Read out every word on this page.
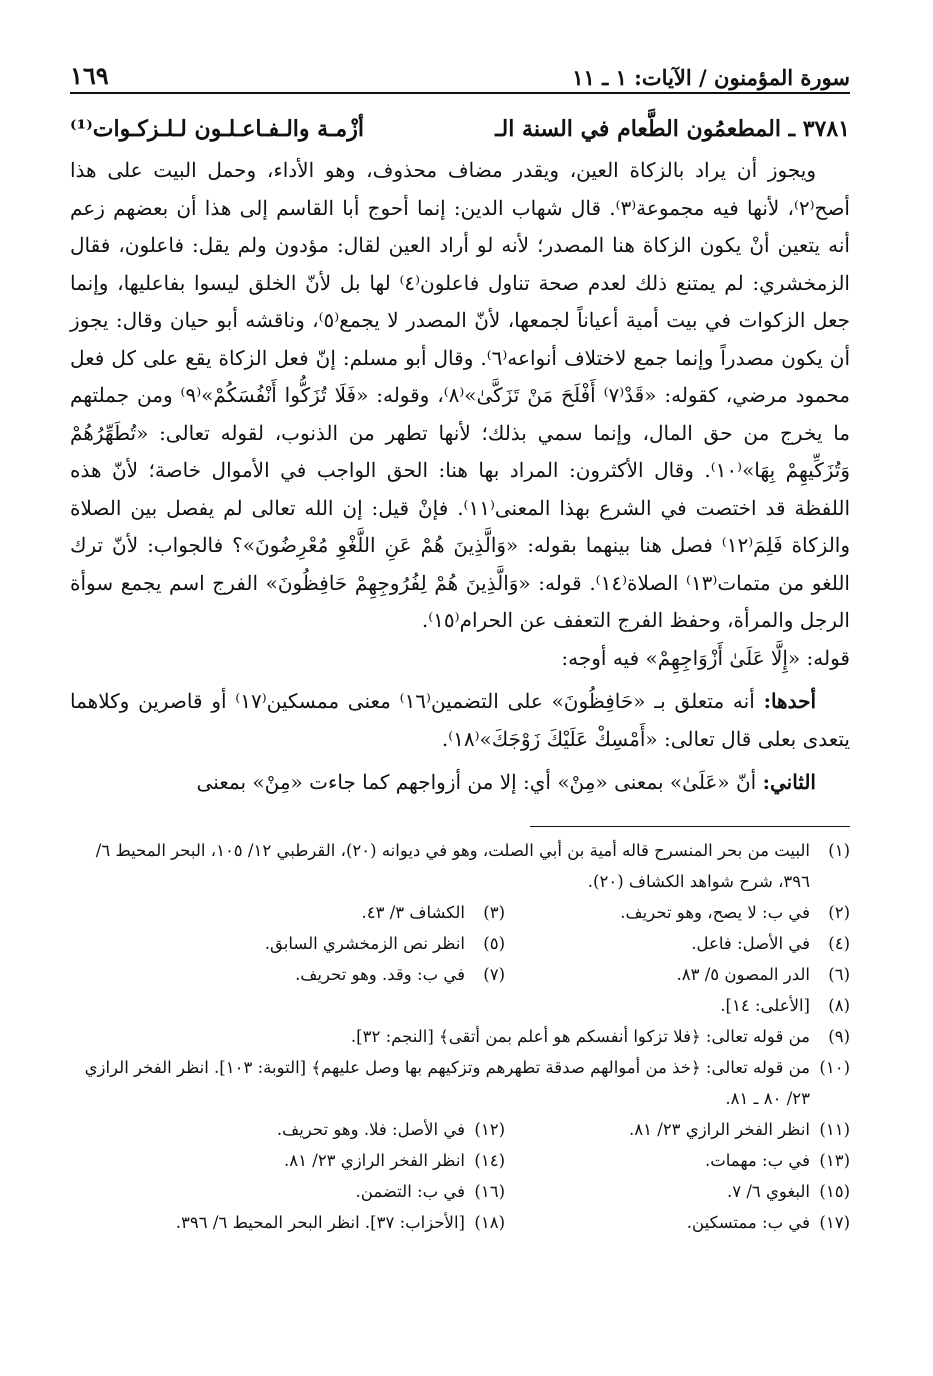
سورة المؤمنون / الآيات: ١ ـ ١١
١٦٩
٣٧٨١ ـ المطعمُون الطَّعام في السنة الـ
أزْمـة والـفـاعـلـون لـلـزكـوات⁽¹⁾

ويجوز أن يراد بالزكاة العين، ويقدر مضاف محذوف، وهو الأداء، وحمل البيت على هذا أصح⁽٢⁾، لأنها فيه مجموعة⁽٣⁾. قال شهاب الدين: إنما أحوج أبا القاسم إلى هذا أن بعضهم زعم أنه يتعين أنْ يكون الزكاة هنا المصدر؛ لأنه لو أراد العين لقال: مؤدون ولم يقل: فاعلون، فقال الزمخشري: لم يمتنع ذلك لعدم صحة تناول فاعلون⁽٤⁾ لها بل لأنّ الخلق ليسوا بفاعليها، وإنما جعل الزكوات في بيت أمية أعياناً لجمعها، لأنّ المصدر لا يجمع⁽٥⁾، وناقشه أبو حيان وقال: يجوز أن يكون مصدراً وإنما جمع لاختلاف أنواعه⁽٦⁾. وقال أبو مسلم: إنّ فعل الزكاة يقع على كل فعل محمود مرضي، كقوله: «قَدْ⁽٧⁾ أَفْلَحَ مَنْ تَزَكَّىٰ»⁽٨⁾، وقوله: «فَلَا تُزَكُّوا أَنْفُسَكُمْ»⁽٩⁾ ومن جملتهم ما يخرج من حق المال، وإنما سمي بذلك؛ لأنها تطهر من الذنوب، لقوله تعالى: «تُطَهِّرُهُمْ وَتُزَكِّيهِمْ بِهَا»⁽١٠⁾. وقال الأكثرون: المراد بها هنا: الحق الواجب في الأموال خاصة؛ لأنّ هذه اللفظة قد اختصت في الشرع بهذا المعنى⁽١١⁾. فإنْ قيل: إن الله تعالى لم يفصل بين الصلاة والزكاة فَلِمَ⁽١٢⁾ فصل هنا بينهما بقوله: «وَالَّذِينَ هُمْ عَنِ اللَّغْوِ مُعْرِضُونَ»؟ فالجواب: لأنّ ترك اللغو من متمات⁽١٣⁾ الصلاة⁽١٤⁾. قوله: «وَالَّذِينَ هُمْ لِفُرُوجِهِمْ حَافِظُونَ» الفرج اسم يجمع سوأة الرجل والمرأة، وحفظ الفرج التعفف عن الحرام⁽١٥⁾.

قوله: «إِلَّا عَلَىٰ أَزْوَاجِهِمْ» فيه أوجه:

أحدها: أنه متعلق بـ «حَافِظُونَ» على التضمين⁽١٦⁾ معنى ممسكين⁽١٧⁾ أو قاصرين وكلاهما يتعدى بعلى قال تعالى: «أَمْسِكْ عَلَيْكَ زَوْجَكَ»⁽١٨⁾.

الثاني: أنّ «عَلَىٰ» بمعنى «مِنْ» أي: إلا من أزواجهم كما جاءت «مِنْ» بمعنى

(١)
البيت من بحر المنسرح قاله أمية بن أبي الصلت، وهو في ديوانه (٢٠)، القرطبي ١٢/ ١٠٥، البحر المحيط ٦/ ٣٩٦، شرح شواهد الكشاف (٢٠).
(٢)
في ب: لا يصح، وهو تحريف.
(٣)
الكشاف ٣/ ٤٣.
(٤)
في الأصل: فاعل.
(٥)
انظر نص الزمخشري السابق.
(٦)
الدر المصون ٥/ ٨٣.
(٧)
في ب: وقد. وهو تحريف.
(٨)
[الأعلى: ١٤].
(٩)
من قوله تعالى: ﴿فلا تزكوا أنفسكم هو أعلم بمن أتقى﴾ [النجم: ٣٢].
(١٠)
من قوله تعالى: ﴿خذ من أموالهم صدقة تطهرهم وتزكيهم بها وصل عليهم﴾ [التوبة: ١٠٣]. انظر الفخر الرازي ٢٣/ ٨٠ ـ ٨١.
(١١)
انظر الفخر الرازي ٢٣/ ٨١.
(١٢)
في الأصل: فلا. وهو تحريف.
(١٣)
في ب: مهمات.
(١٤)
انظر الفخر الرازي ٢٣/ ٨١.
(١٥)
البغوي ٦/ ٧.
(١٦)
في ب: التضمن.
(١٧)
في ب: ممتسكين.
(١٨)
[الأحزاب: ٣٧]. انظر البحر المحيط ٦/ ٣٩٦.
